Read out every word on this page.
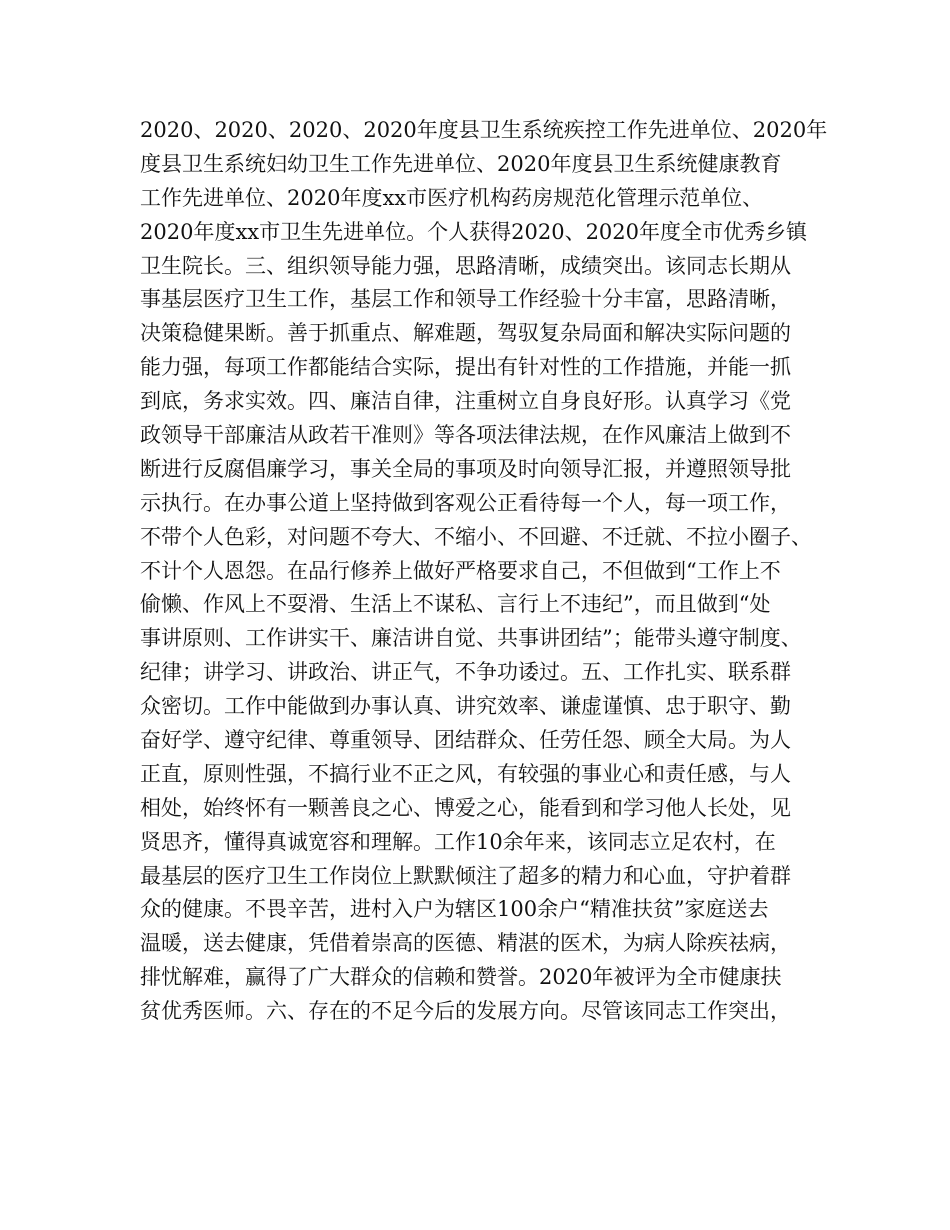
2020、2020、2020、2020年度县卫生系统疾控工作先进单位、2020年
度县卫生系统妇幼卫生工作先进单位、2020年度县卫生系统健康教育
工作先进单位、2020年度xx市医疗机构药房规范化管理示范单位、
2020年度xx市卫生先进单位。个人获得2020、2020年度全市优秀乡镇
卫生院长。三、组织领导能力强，思路清晰，成绩突出。该同志长期从
事基层医疗卫生工作，基层工作和领导工作经验十分丰富，思路清晰，
决策稳健果断。善于抓重点、解难题，驾驭复杂局面和解决实际问题的
能力强，每项工作都能结合实际，提出有针对性的工作措施，并能一抓
到底，务求实效。四、廉洁自律，注重树立自身良好形。认真学习《党
政领导干部廉洁从政若干准则》等各项法律法规，在作风廉洁上做到不
断进行反腐倡廉学习，事关全局的事项及时向领导汇报，并遵照领导批
示执行。在办事公道上坚持做到客观公正看待每一个人，每一项工作，
不带个人色彩，对问题不夸大、不缩小、不回避、不迁就、不拉小圈子、
不计个人恩怨。在品行修养上做好严格要求自己，不但做到“工作上不
偷懒、作风上不耍滑、生活上不谋私、言行上不违纪”，而且做到“处
事讲原则、工作讲实干、廉洁讲自觉、共事讲团结”；能带头遵守制度、
纪律；讲学习、讲政治、讲正气，不争功诿过。五、工作扎实、联系群
众密切。工作中能做到办事认真、讲究效率、谦虚谨慎、忠于职守、勤
奋好学、遵守纪律、尊重领导、团结群众、任劳任怨、顾全大局。为人
正直，原则性强，不搞行业不正之风，有较强的事业心和责任感，与人
相处，始终怀有一颗善良之心、博爱之心，能看到和学习他人长处，见
贤思齐，懂得真诚宽容和理解。工作10余年来，该同志立足农村，在
最基层的医疗卫生工作岗位上默默倾注了超多的精力和心血，守护着群
众的健康。不畏辛苦，进村入户为辖区100余户“精准扶贫”家庭送去
温暖，送去健康，凭借着崇高的医德、精湛的医术，为病人除疾祛病，
排忧解难，赢得了广大群众的信赖和赞誉。2020年被评为全市健康扶
贫优秀医师。六、存在的不足今后的发展方向。尽管该同志工作突出，
